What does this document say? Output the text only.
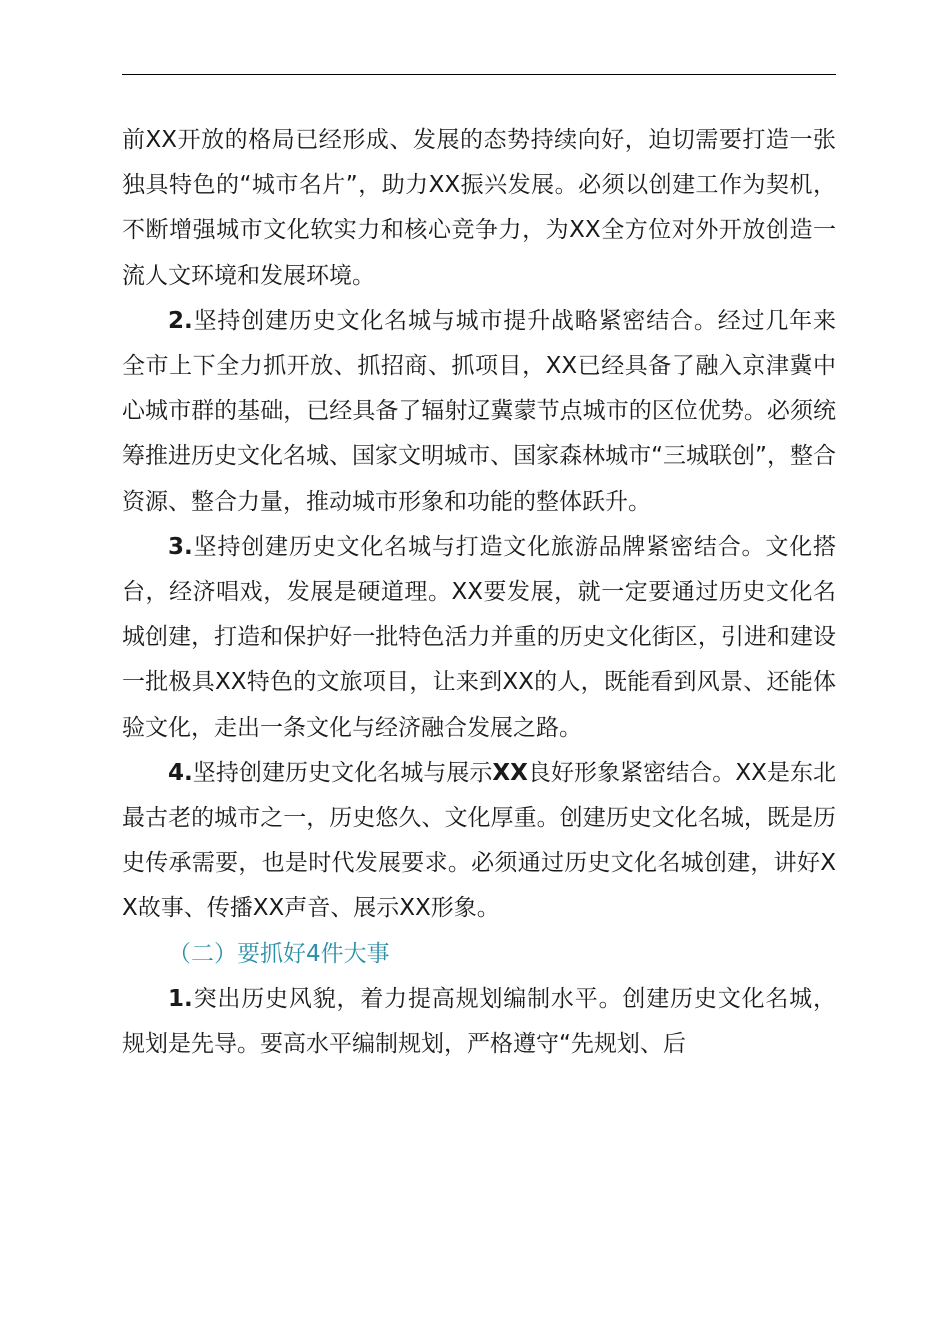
前XX开放的格局已经形成、发展的态势持续向好，迫切需要打造一张独具特色的“城市名片”，助力XX振兴发展。必须以创建工作为契机，不断增强城市文化软实力和核心竞争力，为XX全方位对外开放创造一流人文环境和发展环境。

2.坚持创建历史文化名城与城市提升战略紧密结合。经过几年来全市上下全力抓开放、抓招商、抓项目，XX已经具备了融入京津冀中心城市群的基础，已经具备了辐射辽冀蒙节点城市的区位优势。必须统筹推进历史文化名城、国家文明城市、国家森林城市“三城联创”，整合资源、整合力量，推动城市形象和功能的整体跃升。

3.坚持创建历史文化名城与打造文化旅游品牌紧密结合。文化搭台，经济唱戏，发展是硬道理。XX要发展，就一定要通过历史文化名城创建，打造和保护好一批特色活力并重的历史文化街区，引进和建设一批极具XX特色的文旅项目，让来到XX的人，既能看到风景、还能体验文化，走出一条文化与经济融合发展之路。

4.坚持创建历史文化名城与展示XX良好形象紧密结合。XX是东北最古老的城市之一，历史悠久、文化厚重。创建历史文化名城，既是历史传承需要，也是时代发展要求。必须通过历史文化名城创建，讲好XX故事、传播XX声音、展示XX形象。

（二）要抓好4件大事

1.突出历史风貌，着力提高规划编制水平。创建历史文化名城，规划是先导。要高水平编制规划，严格遵守“先规划、后
